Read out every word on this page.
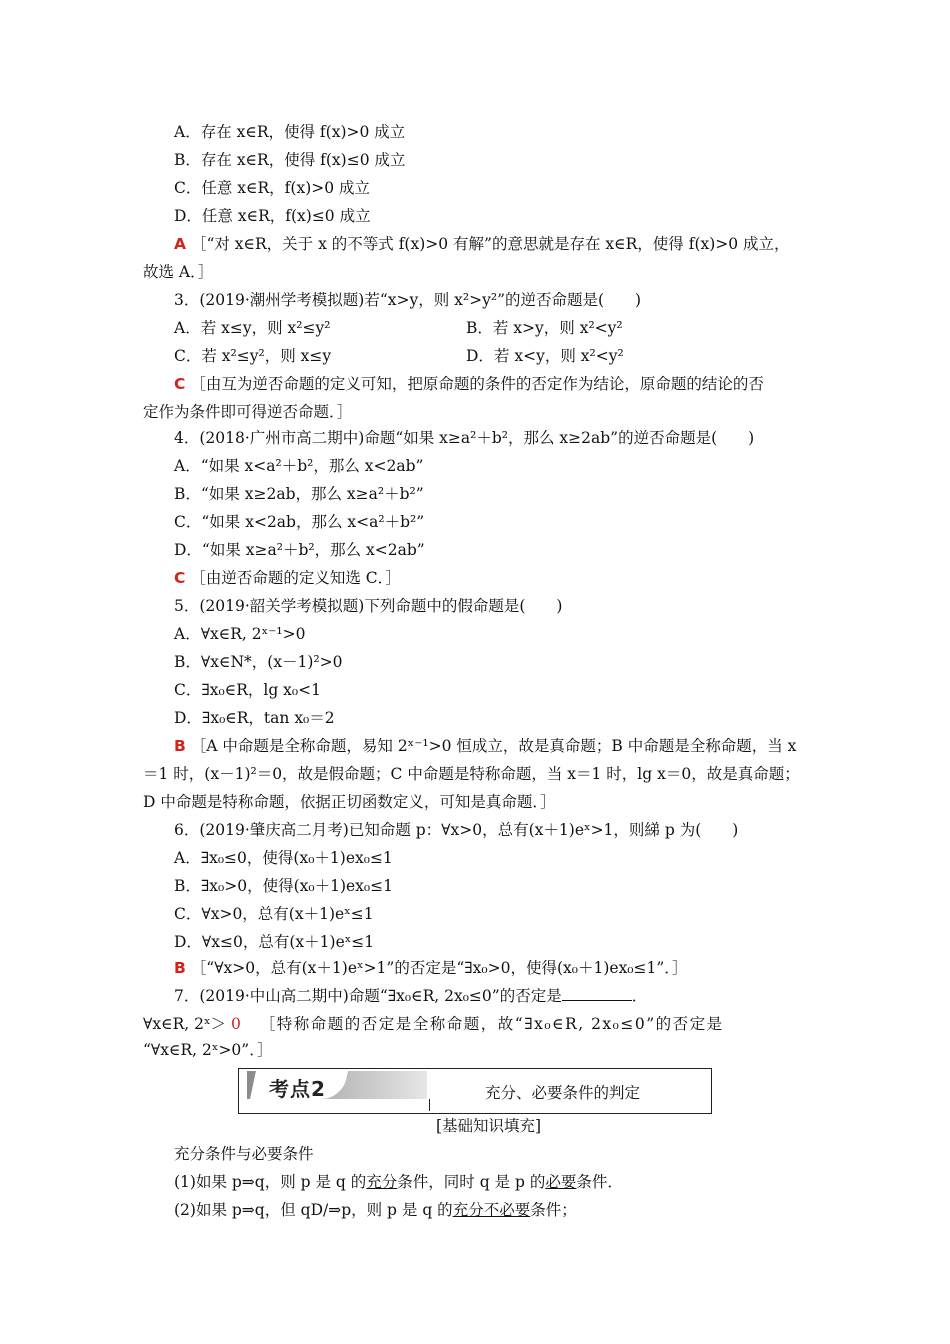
A．存在 x∈R，使得 f(x)>0 成立
B．存在 x∈R，使得 f(x)≤0 成立
C．任意 x∈R，f(x)>0 成立
D．任意 x∈R，f(x)≤0 成立
A ［“对 x∈R，关于 x 的不等式 f(x)>0 有解”的意思就是存在 x∈R，使得 f(x)>0 成立，
故选 A．］
3．(2019·潮州学考模拟题)若“x>y，则 x²>y²”的逆否命题是(　　)
A．若 x≤y，则 x²≤y²	B．若 x>y，则 x²<y²
C．若 x²≤y²，则 x≤y	D．若 x<y，则 x²<y²
C ［由互为逆否命题的定义可知，把原命题的条件的否定作为结论，原命题的结论的否
定作为条件即可得逆否命题．］
4．(2018·广州市高二期中)命题“如果 x≥a²＋b²，那么 x≥2ab”的逆否命题是(　　)
A．“如果 x<a²＋b²，那么 x<2ab”
B．“如果 x≥2ab，那么 x≥a²＋b²”
C．“如果 x<2ab，那么 x<a²＋b²”
D．“如果 x≥a²＋b²，那么 x<2ab”
C ［由逆否命题的定义知选 C．］
5．(2019·韶关学考模拟题)下列命题中的假命题是(　　)
A．∀x∈R, 2ˣ⁻¹>0
B．∀x∈N*，(x－1)²>0
C．∃x₀∈R，lg x₀<1
D．∃x₀∈R，tan x₀＝2
B ［A 中命题是全称命题，易知 2ˣ⁻¹>0 恒成立，故是真命题；B 中命题是全称命题，当 x
＝1 时，(x－1)²＝0，故是假命题；C 中命题是特称命题，当 x＝1 时，lg x＝0，故是真命题；
D 中命题是特称命题，依据正切函数定义，可知是真命题．］
6．(2019·肇庆高二月考)已知命题 p：∀x>0，总有(x＋1)eˣ>1，则綈 p 为(　　)
A．∃x₀≤0，使得(x₀＋1)ex₀≤1
B．∃x₀>0，使得(x₀＋1)ex₀≤1
C．∀x>0，总有(x＋1)eˣ≤1
D．∀x≤0，总有(x＋1)eˣ≤1
B ［“∀x>0，总有(x＋1)eˣ>1”的否定是“∃x₀>0，使得(x₀＋1)ex₀≤1”．］
7．(2019·中山高二期中)命题“∃x₀∈R, 2x₀≤0”的否定是	．
∀x∈R, 2ˣ＞ 0 ［特称命题的否定是全称命题，故“∃x₀∈R, 2x₀≤0”的否定是
“∀x∈R, 2ˣ>0”．］
考点2	充分、必要条件的判定
[基础知识填充]
充分条件与必要条件
(1)如果 p⇒q，则 p 是 q 的充分条件，同时 q 是 p 的必要条件．
(2)如果 p⇒q，但 qD/⇒p，则 p 是 q 的充分不必要条件；
